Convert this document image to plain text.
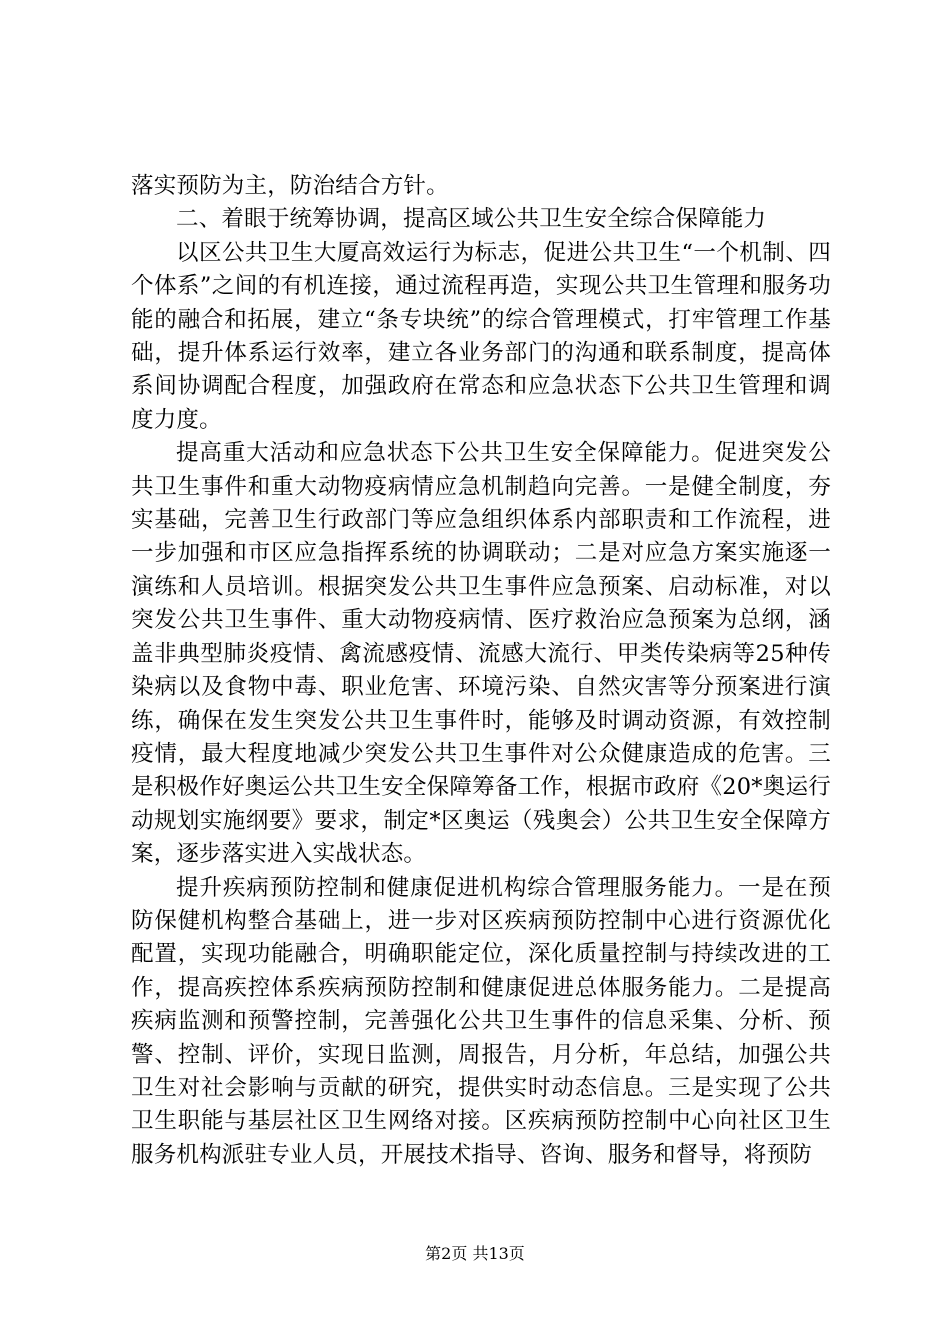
落实预防为主，防治结合方针。

二、着眼于统筹协调，提高区域公共卫生安全综合保障能力

以区公共卫生大厦高效运行为标志，促进公共卫生“一个机制、四个体系”之间的有机连接，通过流程再造，实现公共卫生管理和服务功能的融合和拓展，建立“条专块统”的综合管理模式，打牢管理工作基础，提升体系运行效率，建立各业务部门的沟通和联系制度，提高体系间协调配合程度，加强政府在常态和应急状态下公共卫生管理和调度力度。

提高重大活动和应急状态下公共卫生安全保障能力。促进突发公共卫生事件和重大动物疫病情应急机制趋向完善。一是健全制度，夯实基础，完善卫生行政部门等应急组织体系内部职责和工作流程，进一步加强和市区应急指挥系统的协调联动；二是对应急方案实施逐一演练和人员培训。根据突发公共卫生事件应急预案、启动标准，对以突发公共卫生事件、重大动物疫病情、医疗救治应急预案为总纲，涵盖非典型肺炎疫情、禽流感疫情、流感大流行、甲类传染病等25种传染病以及食物中毒、职业危害、环境污染、自然灾害等分预案进行演练，确保在发生突发公共卫生事件时，能够及时调动资源，有效控制疫情，最大程度地减少突发公共卫生事件对公众健康造成的危害。三是积极作好奥运公共卫生安全保障筹备工作，根据市政府《20*奥运行动规划实施纲要》要求，制定*区奥运（残奥会）公共卫生安全保障方案，逐步落实进入实战状态。

提升疾病预防控制和健康促进机构综合管理服务能力。一是在预防保健机构整合基础上，进一步对区疾病预防控制中心进行资源优化配置，实现功能融合，明确职能定位，深化质量控制与持续改进的工作，提高疾控体系疾病预防控制和健康促进总体服务能力。二是提高疾病监测和预警控制，完善强化公共卫生事件的信息采集、分析、预警、控制、评价，实现日监测，周报告，月分析，年总结，加强公共卫生对社会影响与贡献的研究，提供实时动态信息。三是实现了公共卫生职能与基层社区卫生网络对接。区疾病预防控制中心向社区卫生服务机构派驻专业人员，开展技术指导、咨询、服务和督导，将预防

第2页 共13页
